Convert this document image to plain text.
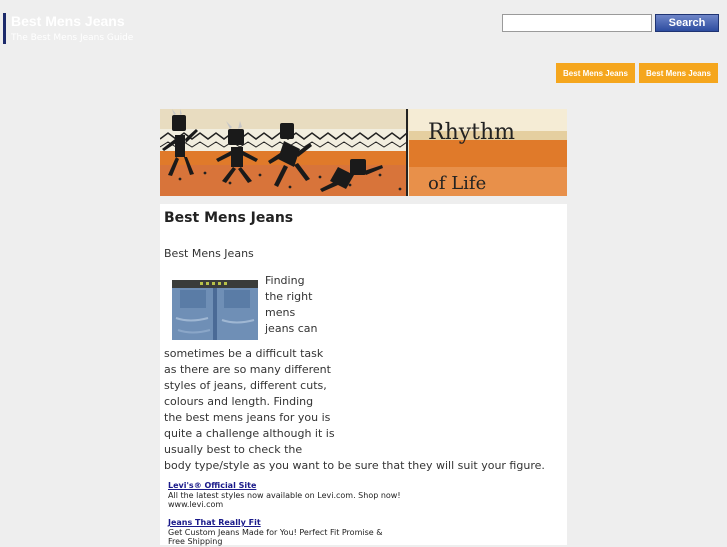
Best Mens Jeans
The Best Mens Jeans Guide
Search
Best Mens Jeans	Best Mens Jeans
Rhythm
of Life
Best Mens Jeans
Best Mens Jeans
Finding
the right
mens
jeans can
sometimes be a difficult task
as there are so many different
styles of jeans, different cuts,
colours and length. Finding
the best mens jeans for you is
quite a challenge although it is
usually best to check the
body type/style as you want to be sure that they will suit your figure.
Levi's® Official Site
All the latest styles now available on Levi.com. Shop now!
www.levi.com
Jeans That Really Fit
Get Custom Jeans Made for You! Perfect Fit Promise &
Free Shipping
